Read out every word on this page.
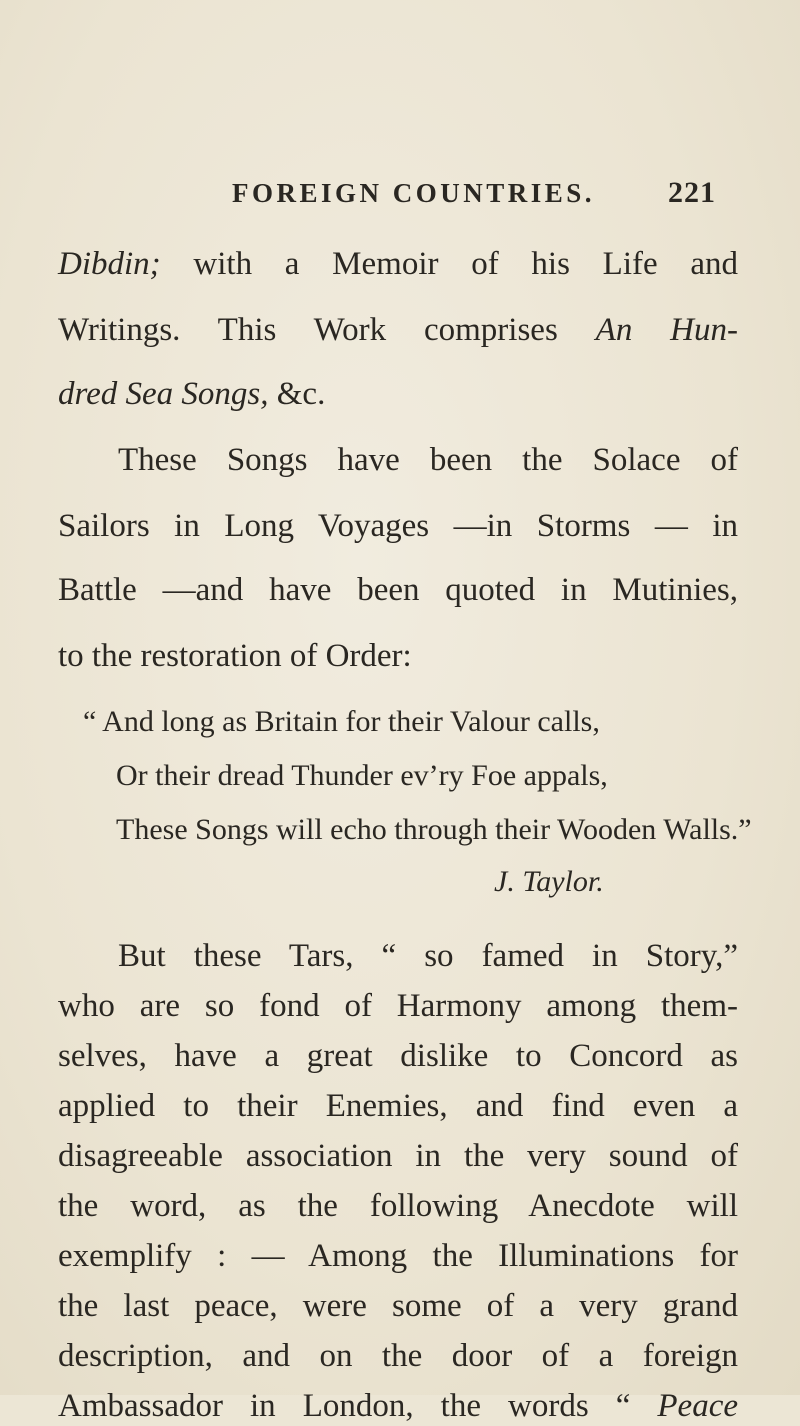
FOREIGN COUNTRIES. 221
Dibdin; with a Memoir of his Life and
Writings. This Work comprises An Hun-
dred Sea Songs, &c.
These Songs have been the Solace of
Sailors in Long Voyages —in Storms — in
Battle —and have been quoted in Mutinies,
to the restoration of Order:
“ And long as Britain for their Valour calls,
Or their dread Thunder ev’ry Foe appals,
These Songs will echo through their Wooden Walls.”
J. Taylor.
But these Tars, “ so famed in Story,”
who are so fond of Harmony among them-
selves, have a great dislike to Concord as
applied to their Enemies, and find even a
disagreeable association in the very sound of
the word, as the following Anecdote will
exemplify : — Among the Illuminations for
the last peace, were some of a very grand
description, and on the door of a foreign
Ambassador in London, the words “ Peace
